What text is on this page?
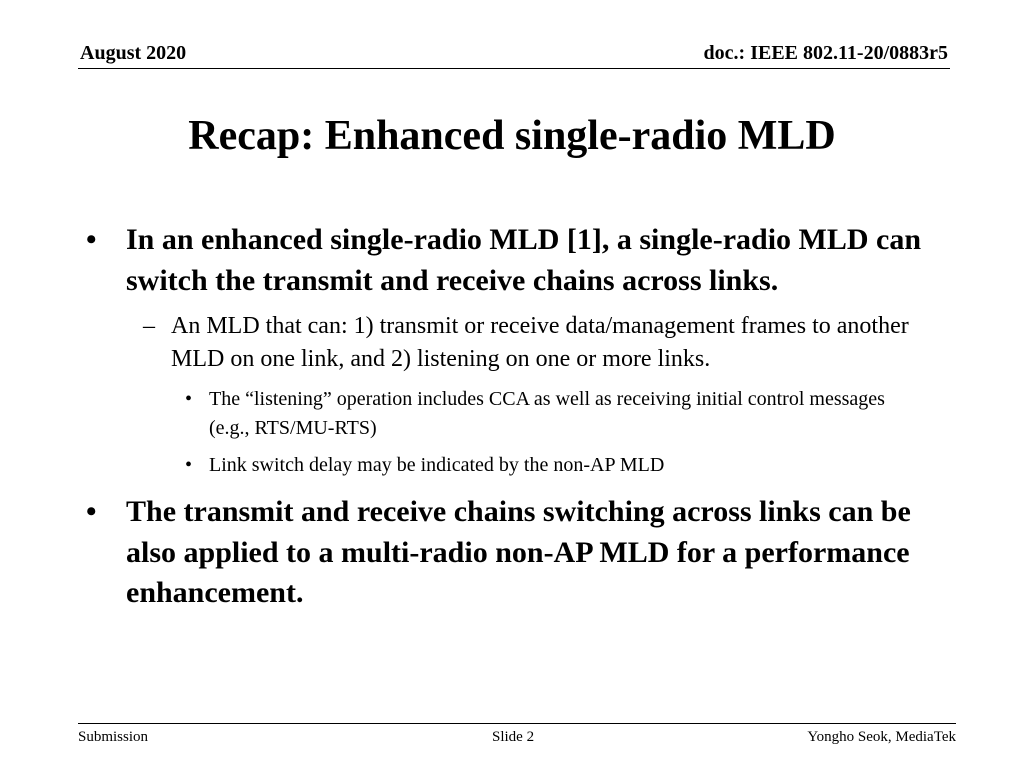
August 2020	doc.: IEEE 802.11-20/0883r5
Recap: Enhanced single-radio MLD
• In an enhanced single-radio MLD [1], a single-radio MLD can switch the transmit and receive chains across links.
– An MLD that can: 1) transmit or receive data/management frames to another MLD on one link, and 2) listening on one or more links.
• The “listening” operation includes CCA as well as receiving initial control messages (e.g., RTS/MU-RTS)
• Link switch delay may be indicated by the non-AP MLD
• The transmit and receive chains switching across links can be also applied to a multi-radio non-AP MLD for a performance enhancement.
Submission	Slide 2	Yongho Seok, MediaTek
